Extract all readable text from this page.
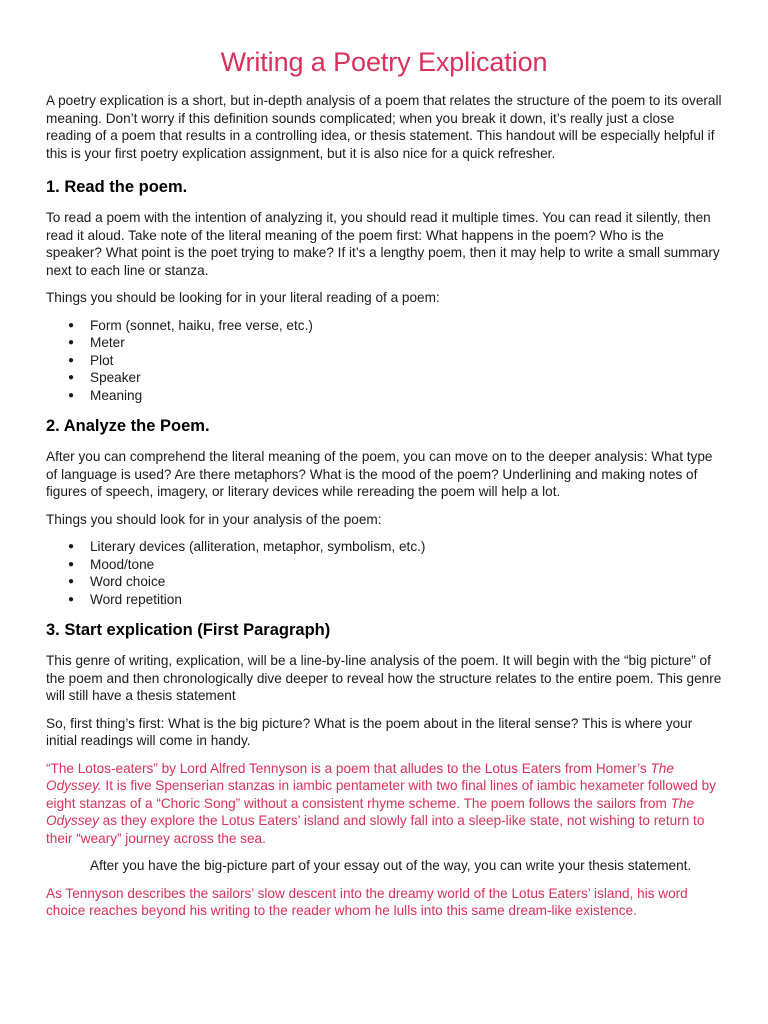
Writing a Poetry Explication

A poetry explication is a short, but in-depth analysis of a poem that relates the structure of the poem to its overall meaning. Don’t worry if this definition sounds complicated; when you break it down, it’s really just a close reading of a poem that results in a controlling idea, or thesis statement. This handout will be especially helpful if this is your first poetry explication assignment, but it is also nice for a quick refresher.

1. Read the poem.

To read a poem with the intention of analyzing it, you should read it multiple times. You can read it silently, then read it aloud. Take note of the literal meaning of the poem first: What happens in the poem? Who is the speaker? What point is the poet trying to make? If it’s a lengthy poem, then it may help to write a small summary next to each line or stanza.

Things you should be looking for in your literal reading of a poem:

● Form (sonnet, haiku, free verse, etc.)
● Meter
● Plot
● Speaker
● Meaning
2. Analyze the Poem.

After you can comprehend the literal meaning of the poem, you can move on to the deeper analysis: What type of language is used? Are there metaphors? What is the mood of the poem? Underlining and making notes of figures of speech, imagery, or literary devices while rereading the poem will help a lot.

Things you should look for in your analysis of the poem:

● Literary devices (alliteration, metaphor, symbolism, etc.)
● Mood/tone
● Word choice
● Word repetition
3. Start explication (First Paragraph)

This genre of writing, explication, will be a line-by-line analysis of the poem. It will begin with the “big picture” of the poem and then chronologically dive deeper to reveal how the structure relates to the entire poem. This genre will still have a thesis statement

So, first thing’s first: What is the big picture? What is the poem about in the literal sense? This is where your initial readings will come in handy.

“The Lotos-eaters” by Lord Alfred Tennyson is a poem that alludes to the Lotus Eaters from Homer’s The Odyssey. It is five Spenserian stanzas in iambic pentameter with two final lines of iambic hexameter followed by eight stanzas of a “Choric Song” without a consistent rhyme scheme. The poem follows the sailors from The Odyssey as they explore the Lotus Eaters’ island and slowly fall into a sleep-like state, not wishing to return to their “weary” journey across the sea.

After you have the big-picture part of your essay out of the way, you can write your thesis statement.

As Tennyson describes the sailors’ slow descent into the dreamy world of the Lotus Eaters’ island, his word choice reaches beyond his writing to the reader whom he lulls into this same dream-like existence.
